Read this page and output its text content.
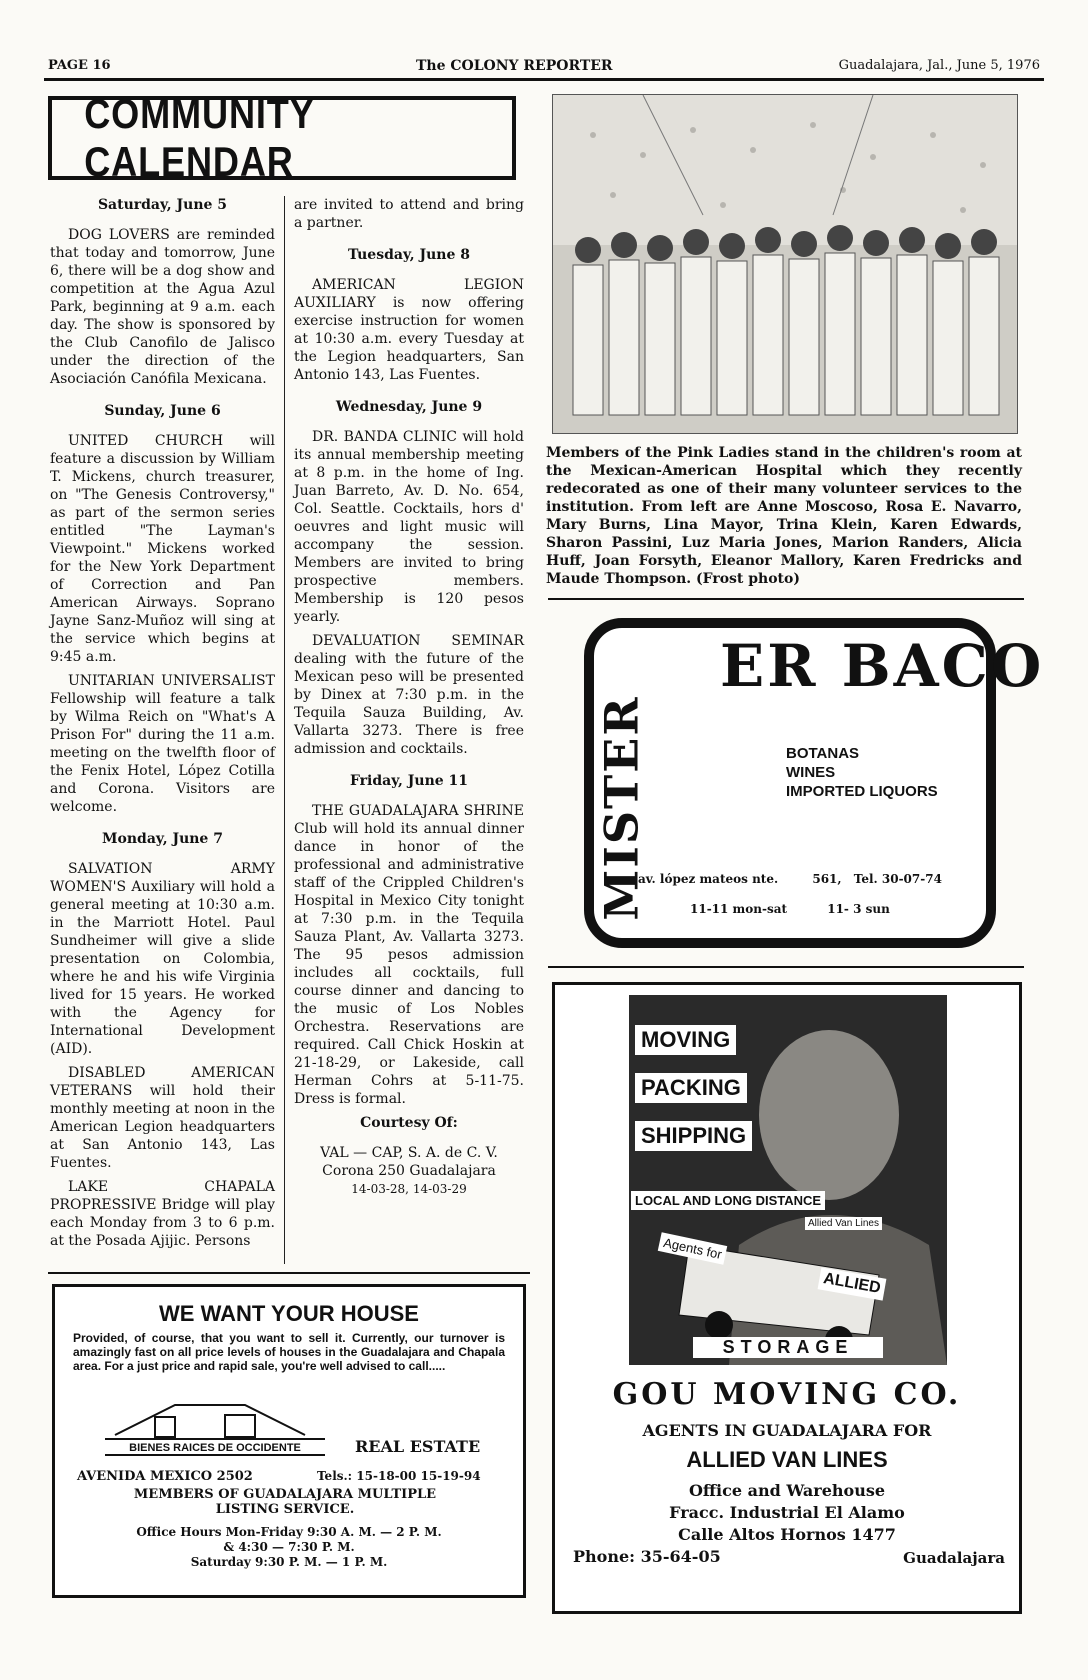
PAGE 16	The COLONY REPORTER	Guadalajara, Jal., June 5, 1976
COMMUNITY CALENDAR

Saturday, June 5

DOG LOVERS are reminded that today and tomorrow, June 6, there will be a dog show and competition at the Agua Azul Park, beginning at 9 a.m. each day. The show is sponsored by the Club Canofilo de Jalisco under the direction of the Asociación Canófila Mexicana.

Sunday, June 6

UNITED CHURCH will feature a discussion by William T. Mickens, church treasurer, on "The Genesis Controversy," as part of the sermon series entitled "The Layman's Viewpoint." Mickens worked for the New York Department of Correction and Pan American Airways. Soprano Jayne Sanz-Muñoz will sing at the service which begins at 9:45 a.m.

UNITARIAN UNIVERSALIST Fellowship will feature a talk by Wilma Reich on "What's A Prison For" during the 11 a.m. meeting on the twelfth floor of the Fenix Hotel, López Cotilla and Corona. Visitors are welcome.

Monday, June 7

SALVATION ARMY WOMEN'S Auxiliary will hold a general meeting at 10:30 a.m. in the Marriott Hotel. Paul Sundheimer will give a slide presentation on Colombia, where he and his wife Virginia lived for 15 years. He worked with the Agency for International Development (AID).

DISABLED AMERICAN VETERANS will hold their monthly meeting at noon in the American Legion headquarters at San Antonio 143, Las Fuentes.

LAKE CHAPALA PROPRESSIVE Bridge will play each Monday from 3 to 6 p.m. at the Posada Ajijic. Persons

are invited to attend and bring a partner.

Tuesday, June 8

AMERICAN LEGION AUXILIARY is now offering exercise instruction for women at 10:30 a.m. every Tuesday at the Legion headquarters, San Antonio 143, Las Fuentes.

Wednesday, June 9

DR. BANDA CLINIC will hold its annual membership meeting at 8 p.m. in the home of Ing. Juan Barreto, Av. D. No. 654, Col. Seattle. Cocktails, hors d' oeuvres and light music will accompany the session. Members are invited to bring prospective members. Membership is 120 pesos yearly.

DEVALUATION SEMINAR dealing with the future of the Mexican peso will be presented by Dinex at 7:30 p.m. in the Tequila Sauza Building, Av. Vallarta 3273. There is free admission and cocktails.

Friday, June 11

THE GUADALAJARA SHRINE Club will hold its annual dinner dance in honor of the professional and administrative staff of the Crippled Children's Hospital in Mexico City tonight at 7:30 p.m. in the Tequila Sauza Plant, Av. Vallarta 3273. The 95 pesos admission includes all cocktails, full course dinner and dancing to the music of Los Nobles Orchestra. Reservations are required. Call Chick Hoskin at 21-18-29, or Lakeside, call Herman Cohrs at 5-11-75. Dress is formal.

Courtesy Of:

VAL — CAP, S. A. de C. V.

Corona 250 Guadalajara

14-03-28, 14-03-29

Members of the Pink Ladies stand in the children's room at the Mexican-American Hospital which they recently redecorated as one of their many volunteer services to the institution. From left are Anne Moscoso, Rosa E. Navarro, Mary Burns, Lina Mayor, Trina Klein, Karen Edwards, Sharon Passini, Luz Maria Jones, Marion Randers, Alicia Huff, Joan Forsyth, Eleanor Mallory, Karen Fredricks and Maude Thompson. (Frost photo)
MISTER
ER BACO
BOTANAS
WINES
IMPORTED LIQUORS
av. lópez mateos nte.	561, Tel. 30-07-74
11-11 mon-sat	11- 3 sun
MOVING
PACKING
SHIPPING
LOCAL AND LONG DISTANCE
Allied Van Lines
Agents for
ALLIED
STORAGE
GOU MOVING CO.
AGENTS IN GUADALAJARA FOR
ALLIED VAN LINES
Office and Warehouse
Fracc. Industrial El Alamo
Calle Altos Hornos 1477
Phone: 35-64-05	Guadalajara
WE WANT YOUR HOUSE
Provided, of course, that you want to sell it. Currently, our turnover is amazingly fast on all price levels of houses in the Guadalajara and Chapala area. For a just price and rapid sale, you're well advised to call.....
BIENES RAICES DE OCCIDENTE	REAL ESTATE
AVENIDA MEXICO 2502	Tels.: 15-18-00 15-19-94
MEMBERS OF GUADALAJARA MULTIPLE LISTING SERVICE.
Office Hours Mon-Friday 9:30 A. M. — 2 P. M.
& 4:30 — 7:30 P. M.
Saturday 9:30 P. M. — 1 P. M.
